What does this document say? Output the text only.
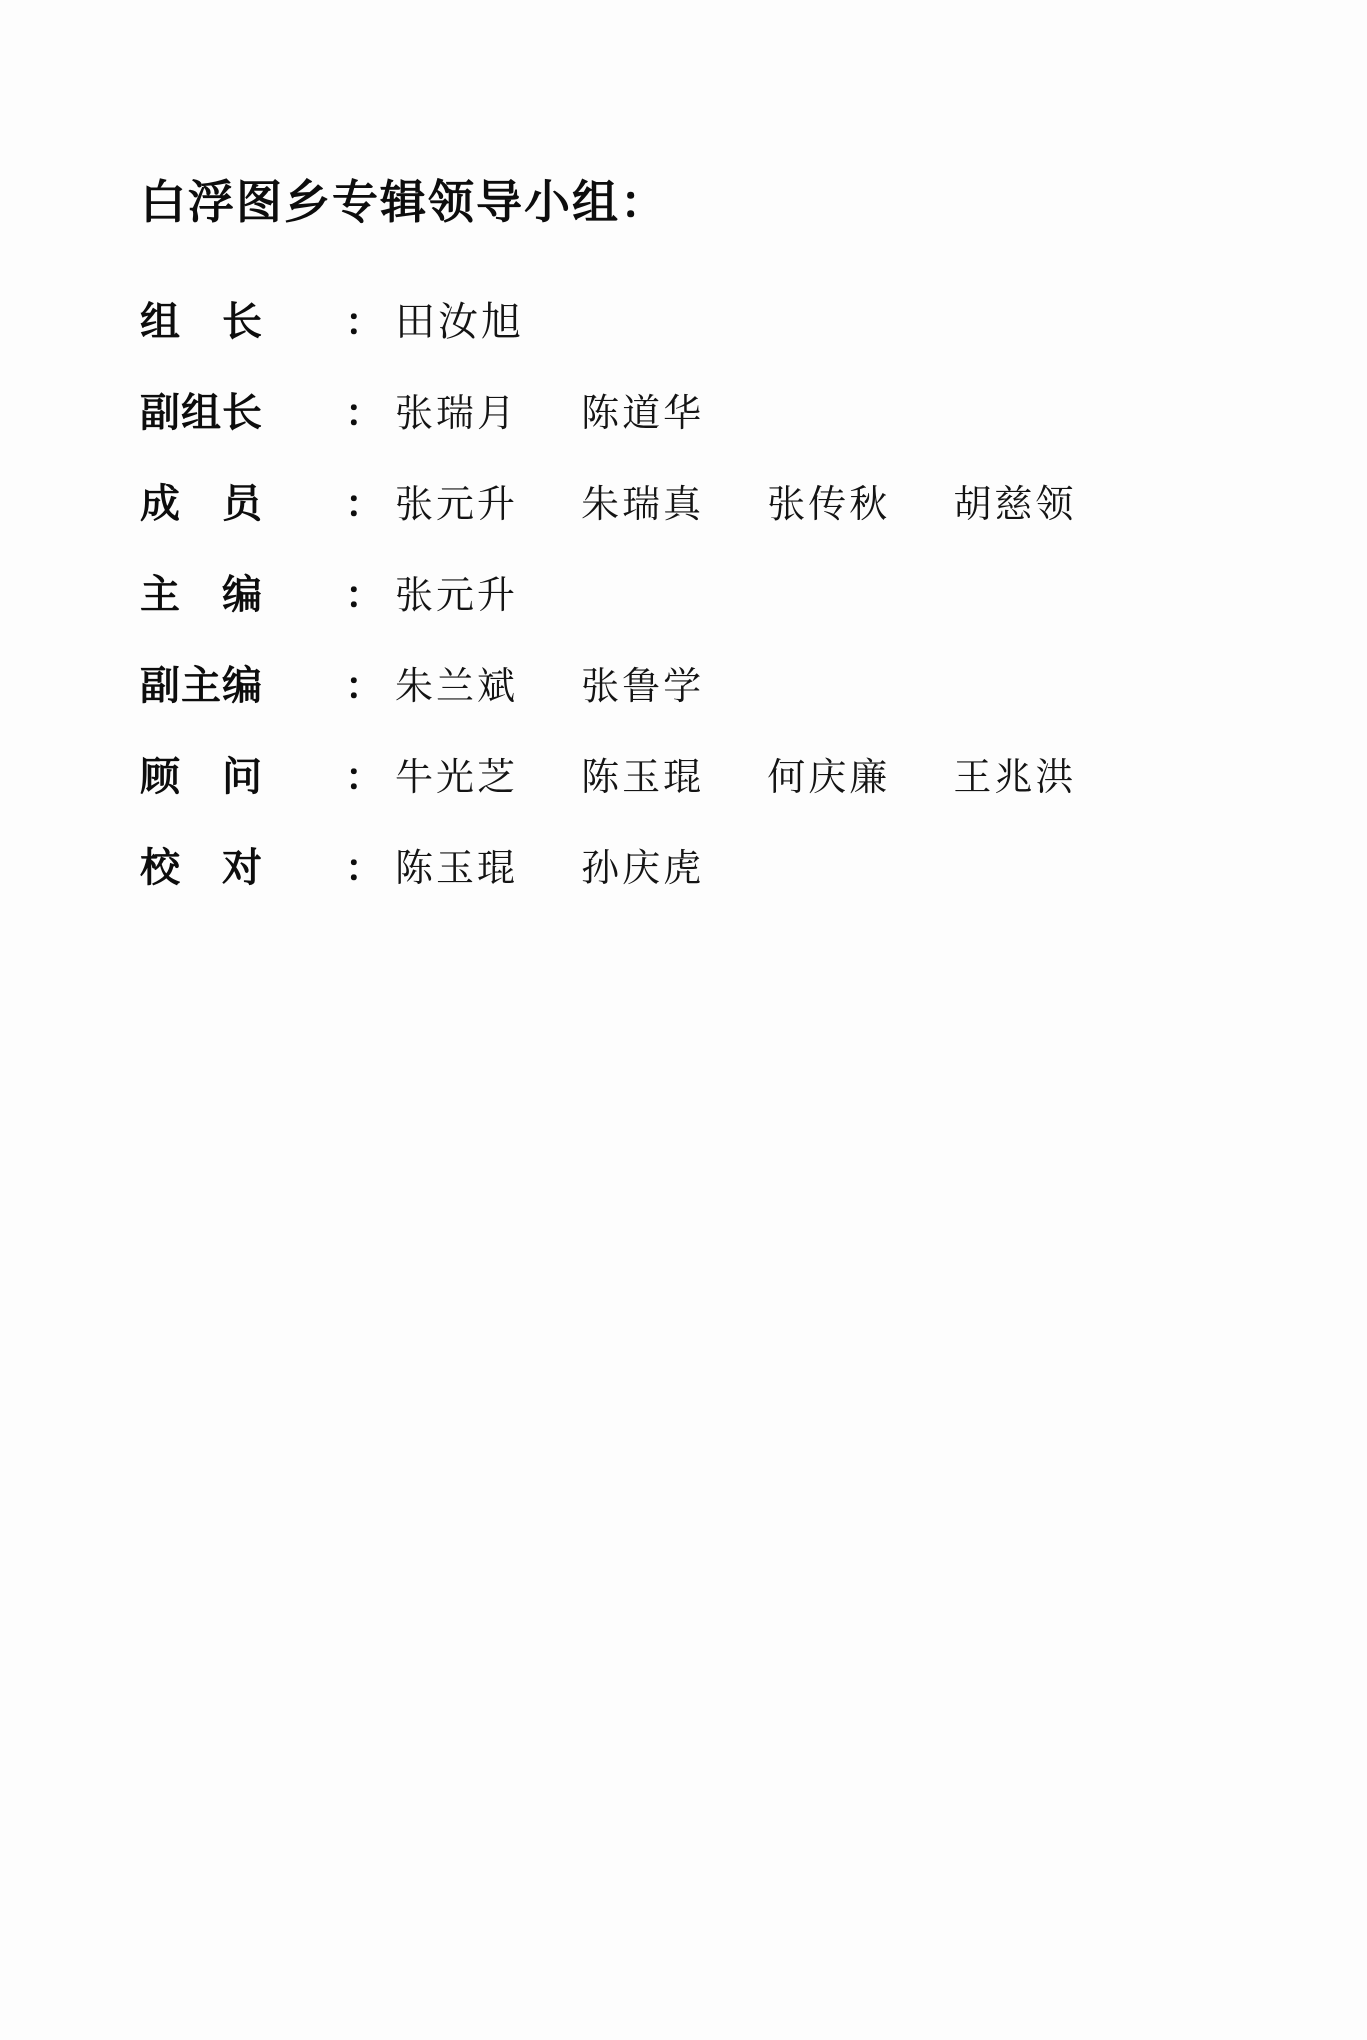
白浮图乡专辑领导小组：
组　长	： 田汝旭
副组长	： 张瑞月 陈道华
成　员	： 张元升 朱瑞真 张传秋 胡慈领
主　编	： 张元升
副主编	： 朱兰斌 张鲁学
顾　问	： 牛光芝 陈玉琨 何庆廉 王兆洪
校　对	： 陈玉琨 孙庆虎
